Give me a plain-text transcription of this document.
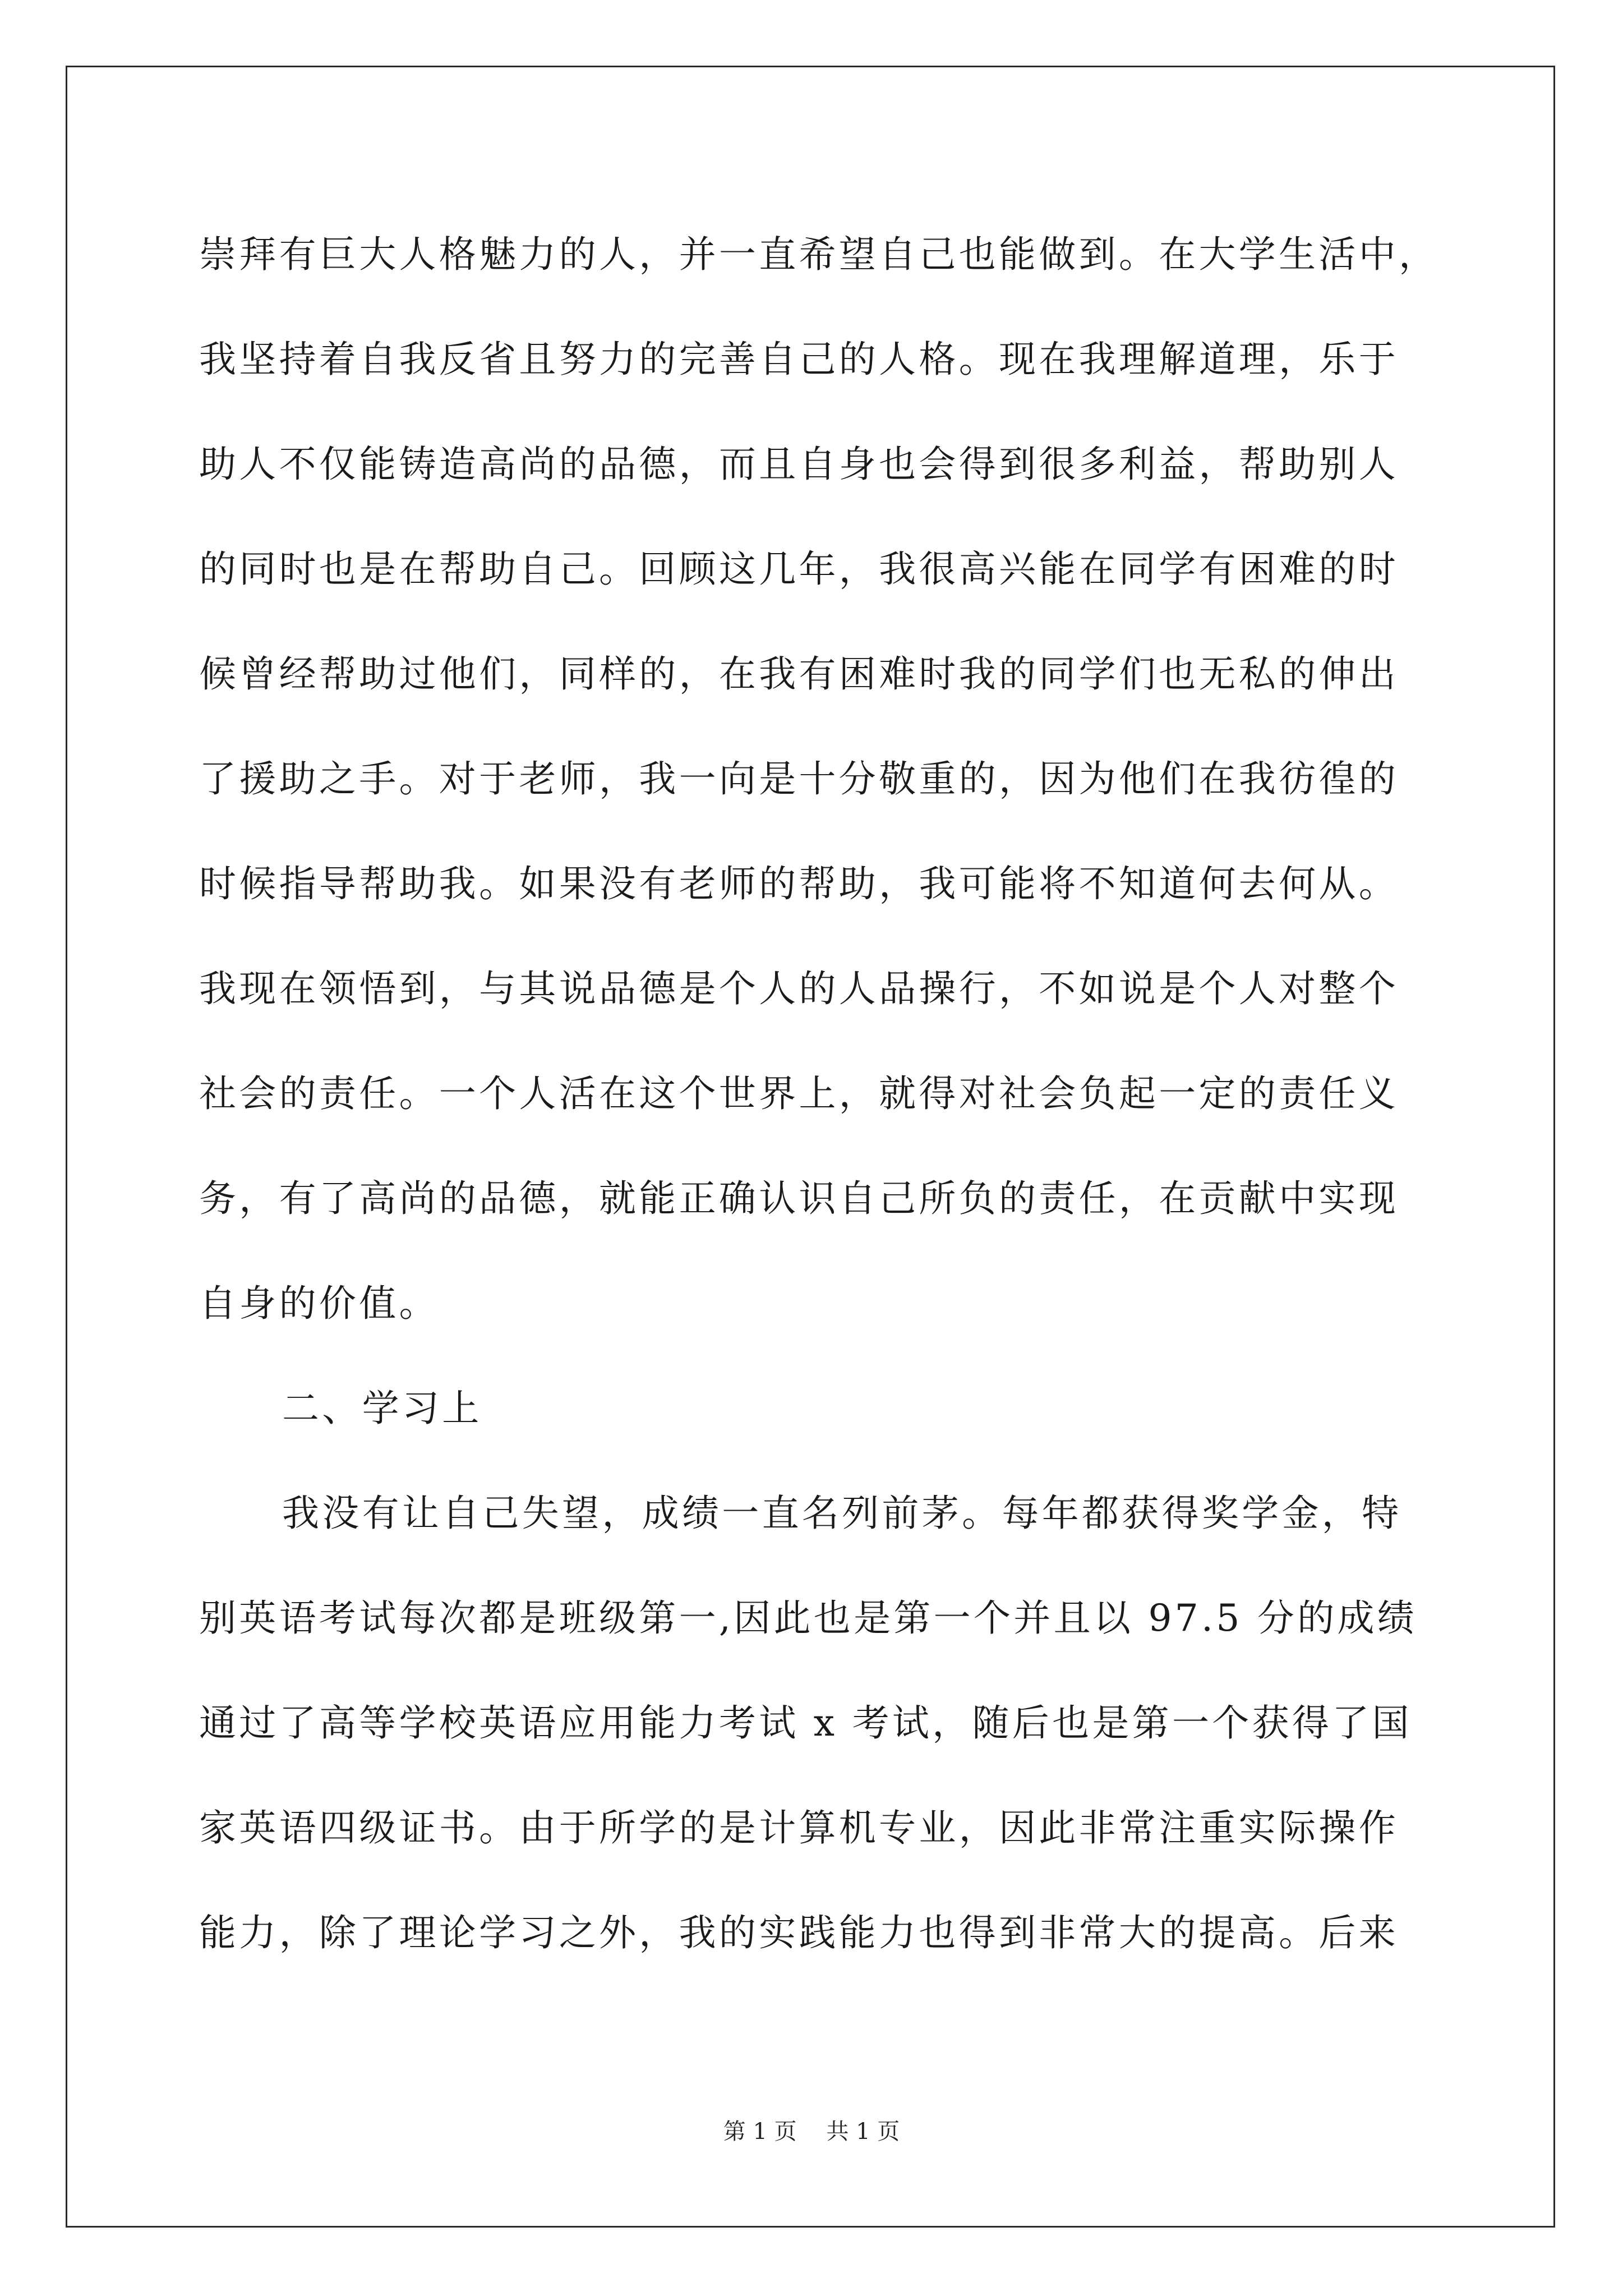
崇拜有巨大人格魅力的人，并一直希望自己也能做到。在大学生活中，
我坚持着自我反省且努力的完善自己的人格。现在我理解道理，乐于
助人不仅能铸造高尚的品德，而且自身也会得到很多利益，帮助别人
的同时也是在帮助自己。回顾这几年，我很高兴能在同学有困难的时
候曾经帮助过他们，同样的，在我有困难时我的同学们也无私的伸出
了援助之手。对于老师，我一向是十分敬重的，因为他们在我彷徨的
时候指导帮助我。如果没有老师的帮助，我可能将不知道何去何从。
我现在领悟到，与其说品德是个人的人品操行，不如说是个人对整个
社会的责任。一个人活在这个世界上，就得对社会负起一定的责任义
务，有了高尚的品德，就能正确认识自己所负的责任，在贡献中实现
自身的价值。
二、学习上
我没有让自己失望，成绩一直名列前茅。每年都获得奖学金，特
别英语考试每次都是班级第一,因此也是第一个并且以 97.5 分的成绩
通过了高等学校英语应用能力考试 x 考试，随后也是第一个获得了国
家英语四级证书。由于所学的是计算机专业，因此非常注重实际操作
能力，除了理论学习之外，我的实践能力也得到非常大的提高。后来
第 1 页 共 1 页
